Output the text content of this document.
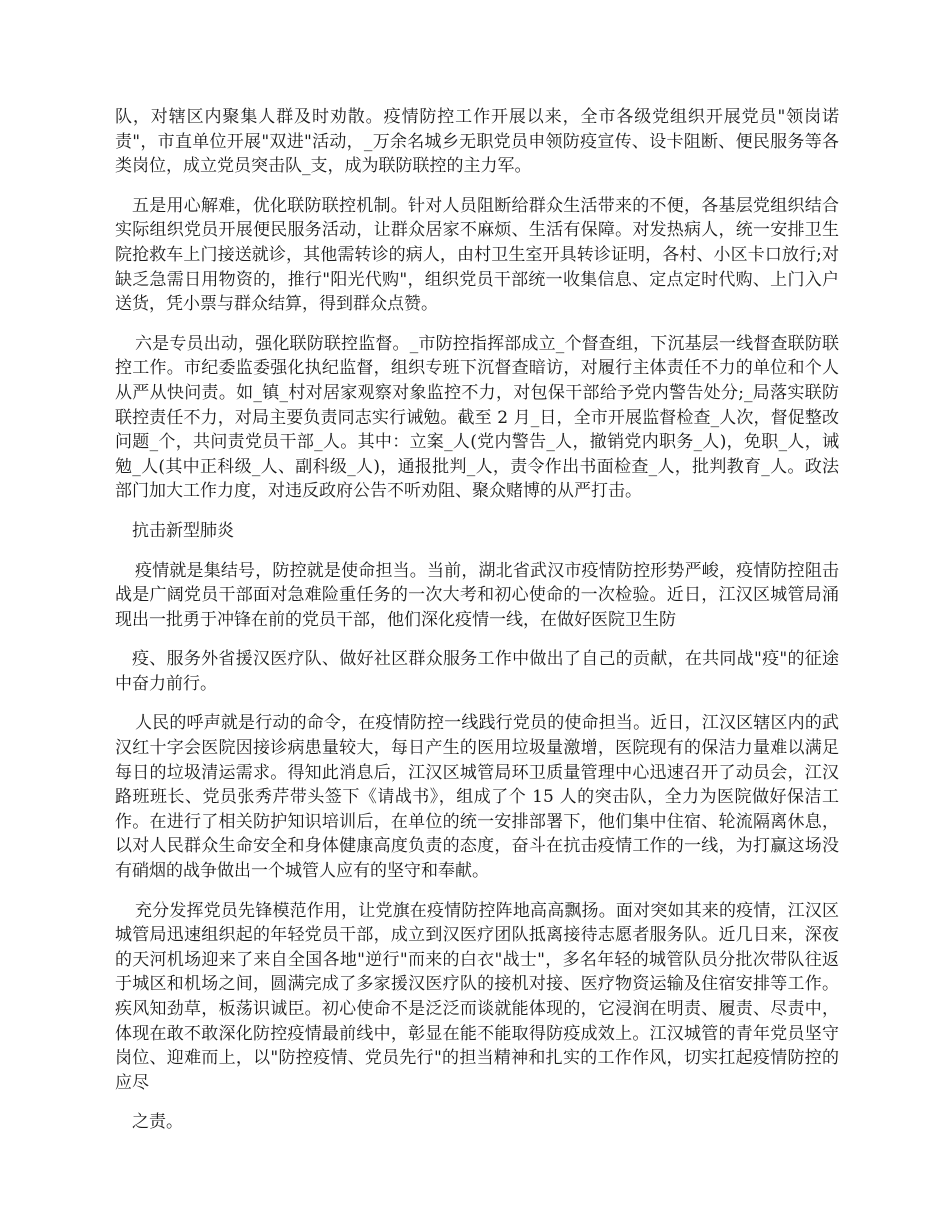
队，对辖区内聚集人群及时劝散。疫情防控工作开展以来，全市各级党组织开展党员"领岗诺责"，市直单位开展"双进"活动，_万余名城乡无职党员申领防疫宣传、设卡阻断、便民服务等各类岗位，成立党员突击队_支，成为联防联控的主力军。

五是用心解难，优化联防联控机制。针对人员阻断给群众生活带来的不便，各基层党组织结合实际组织党员开展便民服务活动，让群众居家不麻烦、生活有保障。对发热病人，统一安排卫生院抢救车上门接送就诊，其他需转诊的病人，由村卫生室开具转诊证明，各村、小区卡口放行;对缺乏急需日用物资的，推行"阳光代购"，组织党员干部统一收集信息、定点定时代购、上门入户送货，凭小票与群众结算，得到群众点赞。

六是专员出动，强化联防联控监督。_市防控指挥部成立_个督查组，下沉基层一线督查联防联控工作。市纪委监委强化执纪监督，组织专班下沉督查暗访，对履行主体责任不力的单位和个人从严从快问责。如_镇_村对居家观察对象监控不力，对包保干部给予党内警告处分;_局落实联防联控责任不力，对局主要负责同志实行诫勉。截至 2 月_日，全市开展监督检查_人次，督促整改问题_个，共问责党员干部_人。其中：立案_人(党内警告_人，撤销党内职务_人)，免职_人，诫勉_人(其中正科级_人、副科级_人)，通报批判_人，责令作出书面检查_人，批判教育_人。政法部门加大工作力度，对违反政府公告不听劝阻、聚众赌博的从严打击。

抗击新型肺炎

疫情就是集结号，防控就是使命担当。当前，湖北省武汉市疫情防控形势严峻，疫情防控阻击战是广阔党员干部面对急难险重任务的一次大考和初心使命的一次检验。近日，江汉区城管局涌现出一批勇于冲锋在前的党员干部，他们深化疫情一线，在做好医院卫生防

疫、服务外省援汉医疗队、做好社区群众服务工作中做出了自己的贡献，在共同战"疫"的征途中奋力前行。

人民的呼声就是行动的命令，在疫情防控一线践行党员的使命担当。近日，江汉区辖区内的武汉红十字会医院因接诊病患量较大，每日产生的医用垃圾量激增，医院现有的保洁力量难以满足每日的垃圾清运需求。得知此消息后，江汉区城管局环卫质量管理中心迅速召开了动员会，江汉路班班长、党员张秀芹带头签下《请战书》，组成了个 15 人的突击队，全力为医院做好保洁工作。在进行了相关防护知识培训后，在单位的统一安排部署下，他们集中住宿、轮流隔离休息，以对人民群众生命安全和身体健康高度负责的态度，奋斗在抗击疫情工作的一线，为打赢这场没有硝烟的战争做出一个城管人应有的坚守和奉献。

充分发挥党员先锋模范作用，让党旗在疫情防控阵地高高飘扬。面对突如其来的疫情，江汉区城管局迅速组织起的年轻党员干部，成立到汉医疗团队抵离接待志愿者服务队。近几日来，深夜的天河机场迎来了来自全国各地"逆行"而来的白衣"战士"，多名年轻的城管队员分批次带队往返于城区和机场之间，圆满完成了多家援汉医疗队的接机对接、医疗物资运输及住宿安排等工作。疾风知劲草，板荡识诚臣。初心使命不是泛泛而谈就能体现的，它浸润在明责、履责、尽责中，体现在敢不敢深化防控疫情最前线中，彰显在能不能取得防疫成效上。江汉城管的青年党员坚守岗位、迎难而上，以"防控疫情、党员先行"的担当精神和扎实的工作作风，切实扛起疫情防控的应尽

之责。
